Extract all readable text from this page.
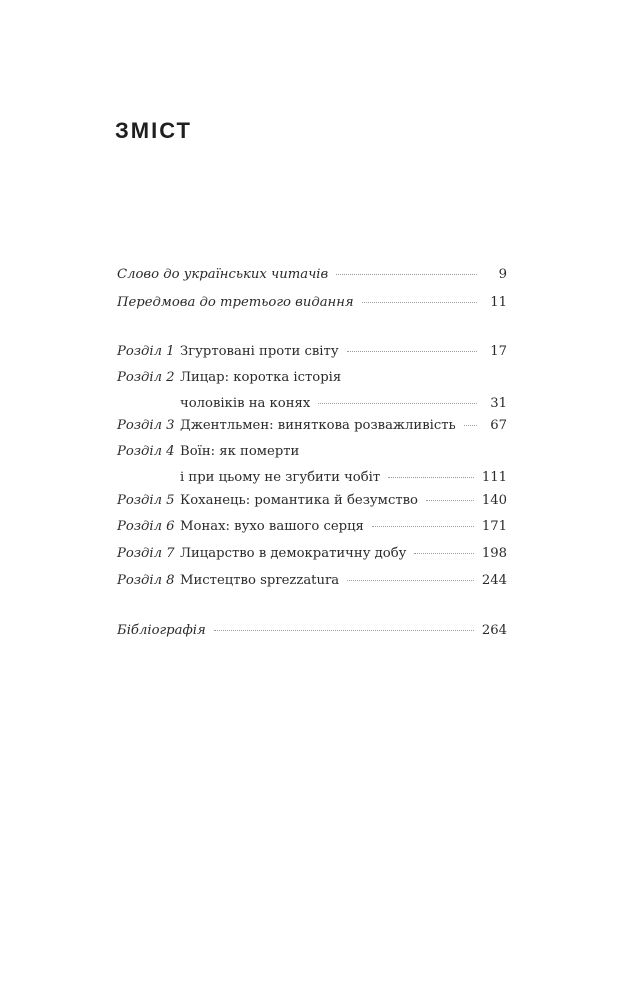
ЗМІСТ
Слово до українських читачів	9
Передмова до третього видання	11
Розділ 1 Згуртовані проти світу	17
Розділ 2 Лицар: коротка історія
чоловіків на конях	31
Розділ 3 Джентльмен: винятковa розважливість	67
Розділ 4 Воїн: як померти
і при цьому не згубити чобіт	111
Розділ 5 Коханець: романтика й безумство	140
Розділ 6 Монах: вухо вашого серця	171
Розділ 7 Лицарство в демократичну добу	198
Розділ 8 Мистецтво sprezzatura	244
Бібліографія	264
